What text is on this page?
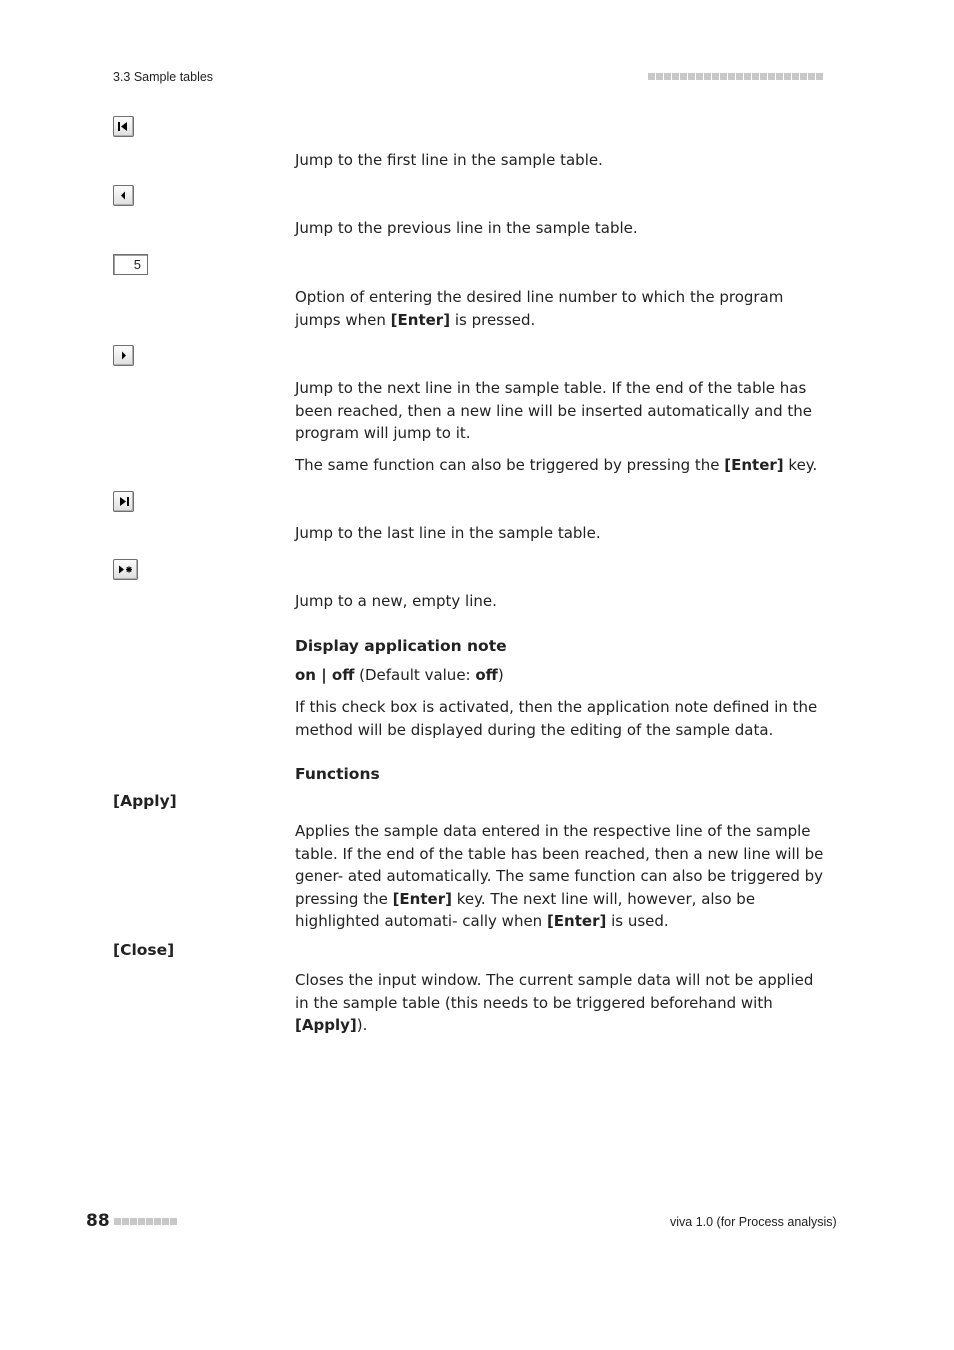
3.3 Sample tables
Jump to the first line in the sample table.
Jump to the previous line in the sample table.
5

Option of entering the desired line number to which the program jumps when [Enter] is pressed.

Jump to the next line in the sample table. If the end of the table has been reached, then a new line will be inserted automatically and the program will jump to it.

The same function can also be triggered by pressing the [Enter] key.

Jump to the last line in the sample table.
Jump to a new, empty line.
Display application note

on | off (Default value: off)

If this check box is activated, then the application note defined in the method will be displayed during the editing of the sample data.
Functions
[Apply]

Applies the sample data entered in the respective line of the sample table. If the end of the table has been reached, then a new line will be gener- ated automatically. The same function can also be triggered by pressing the [Enter] key. The next line will, however, also be highlighted automati- cally when [Enter] is used.

[Close]

Closes the input window. The current sample data will not be applied in the sample table (this needs to be triggered beforehand with [Apply]).

88	viva 1.0 (for Process analysis)
